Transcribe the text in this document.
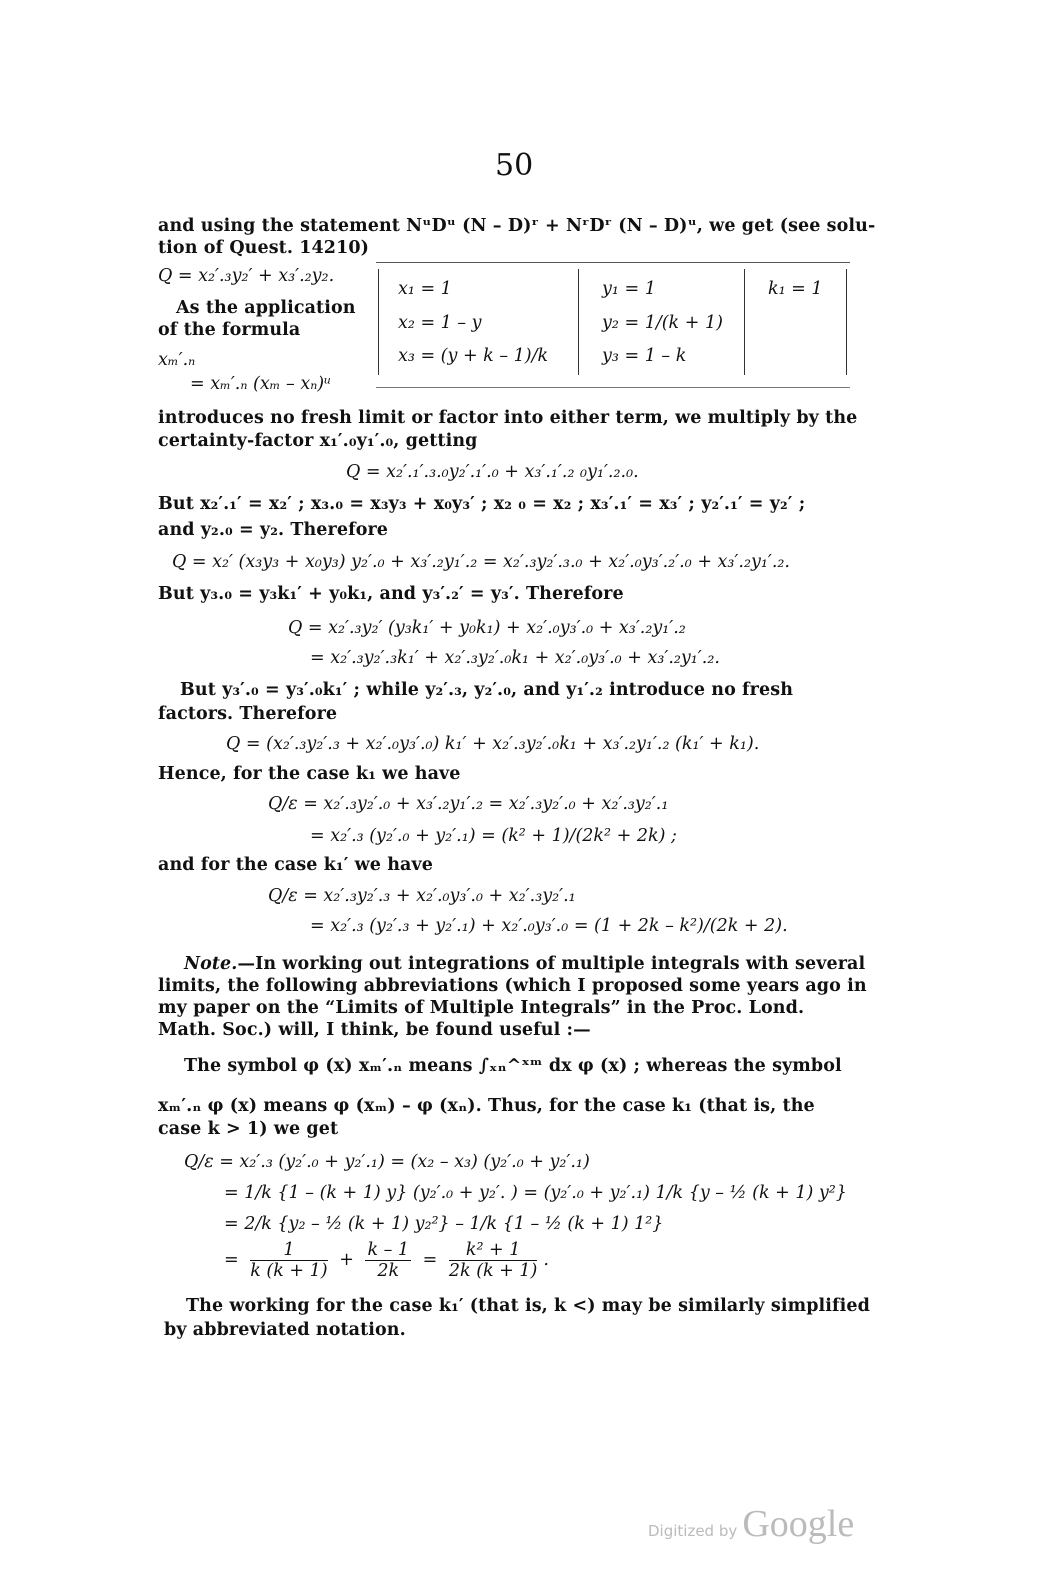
50
and using the statement NᵘDᵘ (N – D)ʳ + NʳDʳ (N – D)ᵘ, we get (see solu-
tion of Quest. 14210)
Q = x₂′.₃y₂′ + x₃′.₂y₂.
As the application
of the formula
xₘ′.ₙ
= xₘ′.ₙ (xₘ – xₙ)ᵘ
x₁ = 1
x₂ = 1 – y
x₃ = (y + k – 1)/k
y₁ = 1
y₂ = 1/(k + 1)
y₃ = 1 – k
k₁ = 1
introduces no fresh limit or factor into either term, we multiply by the
certainty-factor x₁′.₀y₁′.₀, getting
Q = x₂′.₁′.₃.₀y₂′.₁′.₀ + x₃′.₁′.₂ ₀y₁′.₂.₀.
But x₂′.₁′ = x₂′ ; x₃.₀ = x₃y₃ + x₀y₃′ ; x₂ ₀ = x₂ ; x₃′.₁′ = x₃′ ; y₂′.₁′ = y₂′ ;
and y₂.₀ = y₂. Therefore
Q = x₂′ (x₃y₃ + x₀y₃) y₂′.₀ + x₃′.₂y₁′.₂ = x₂′.₃y₂′.₃.₀ + x₂′.₀y₃′.₂′.₀ + x₃′.₂y₁′.₂.
But y₃.₀ = y₃k₁′ + y₀k₁, and y₃′.₂′ = y₃′. Therefore
Q = x₂′.₃y₂′ (y₃k₁′ + y₀k₁) + x₂′.₀y₃′.₀ + x₃′.₂y₁′.₂
= x₂′.₃y₂′.₃k₁′ + x₂′.₃y₂′.₀k₁ + x₂′.₀y₃′.₀ + x₃′.₂y₁′.₂.
But y₃′.₀ = y₃′.₀k₁′ ; while y₂′.₃, y₂′.₀, and y₁′.₂ introduce no fresh
factors. Therefore
Q = (x₂′.₃y₂′.₃ + x₂′.₀y₃′.₀) k₁′ + x₂′.₃y₂′.₀k₁ + x₃′.₂y₁′.₂ (k₁′ + k₁).
Hence, for the case k₁ we have
Q/ε = x₂′.₃y₂′.₀ + x₃′.₂y₁′.₂ = x₂′.₃y₂′.₀ + x₂′.₃y₂′.₁
= x₂′.₃ (y₂′.₀ + y₂′.₁) = (k² + 1)/(2k² + 2k) ;
and for the case k₁′ we have
Q/ε = x₂′.₃y₂′.₃ + x₂′.₀y₃′.₀ + x₂′.₃y₂′.₁
= x₂′.₃ (y₂′.₃ + y₂′.₁) + x₂′.₀y₃′.₀ = (1 + 2k – k²)/(2k + 2).
Note.—In working out integrations of multiple integrals with several
limits, the following abbreviations (which I proposed some years ago in
my paper on the “Limits of Multiple Integrals” in the Proc. Lond.
Math. Soc.) will, I think, be found useful :—
The symbol φ (x) xₘ′.ₙ means ∫ₓₙ^ˣᵐ dx φ (x) ; whereas the symbol
xₘ′.ₙ φ (x) means φ (xₘ) – φ (xₙ). Thus, for the case k₁ (that is, the
case k > 1) we get
Q/ε = x₂′.₃ (y₂′.₀ + y₂′.₁) = (x₂ – x₃) (y₂′.₀ + y₂′.₁)
= 1/k {1 – (k + 1) y} (y₂′.₀ + y₂′. ) = (y₂′.₀ + y₂′.₁) 1/k {y – ½ (k + 1) y²}
= 2/k {y₂ – ½ (k + 1) y₂²} – 1/k {1 – ½ (k + 1) 1²}
= $\frac{1}{k (k + 1)} + \frac{k - 1}{2k} = \frac{\text{k² + 1}}{2k (k + 1)}$ .
The working for the case k₁′ (that is, k <) may be similarly simplified
by abbreviated notation.
Digitized by Google
